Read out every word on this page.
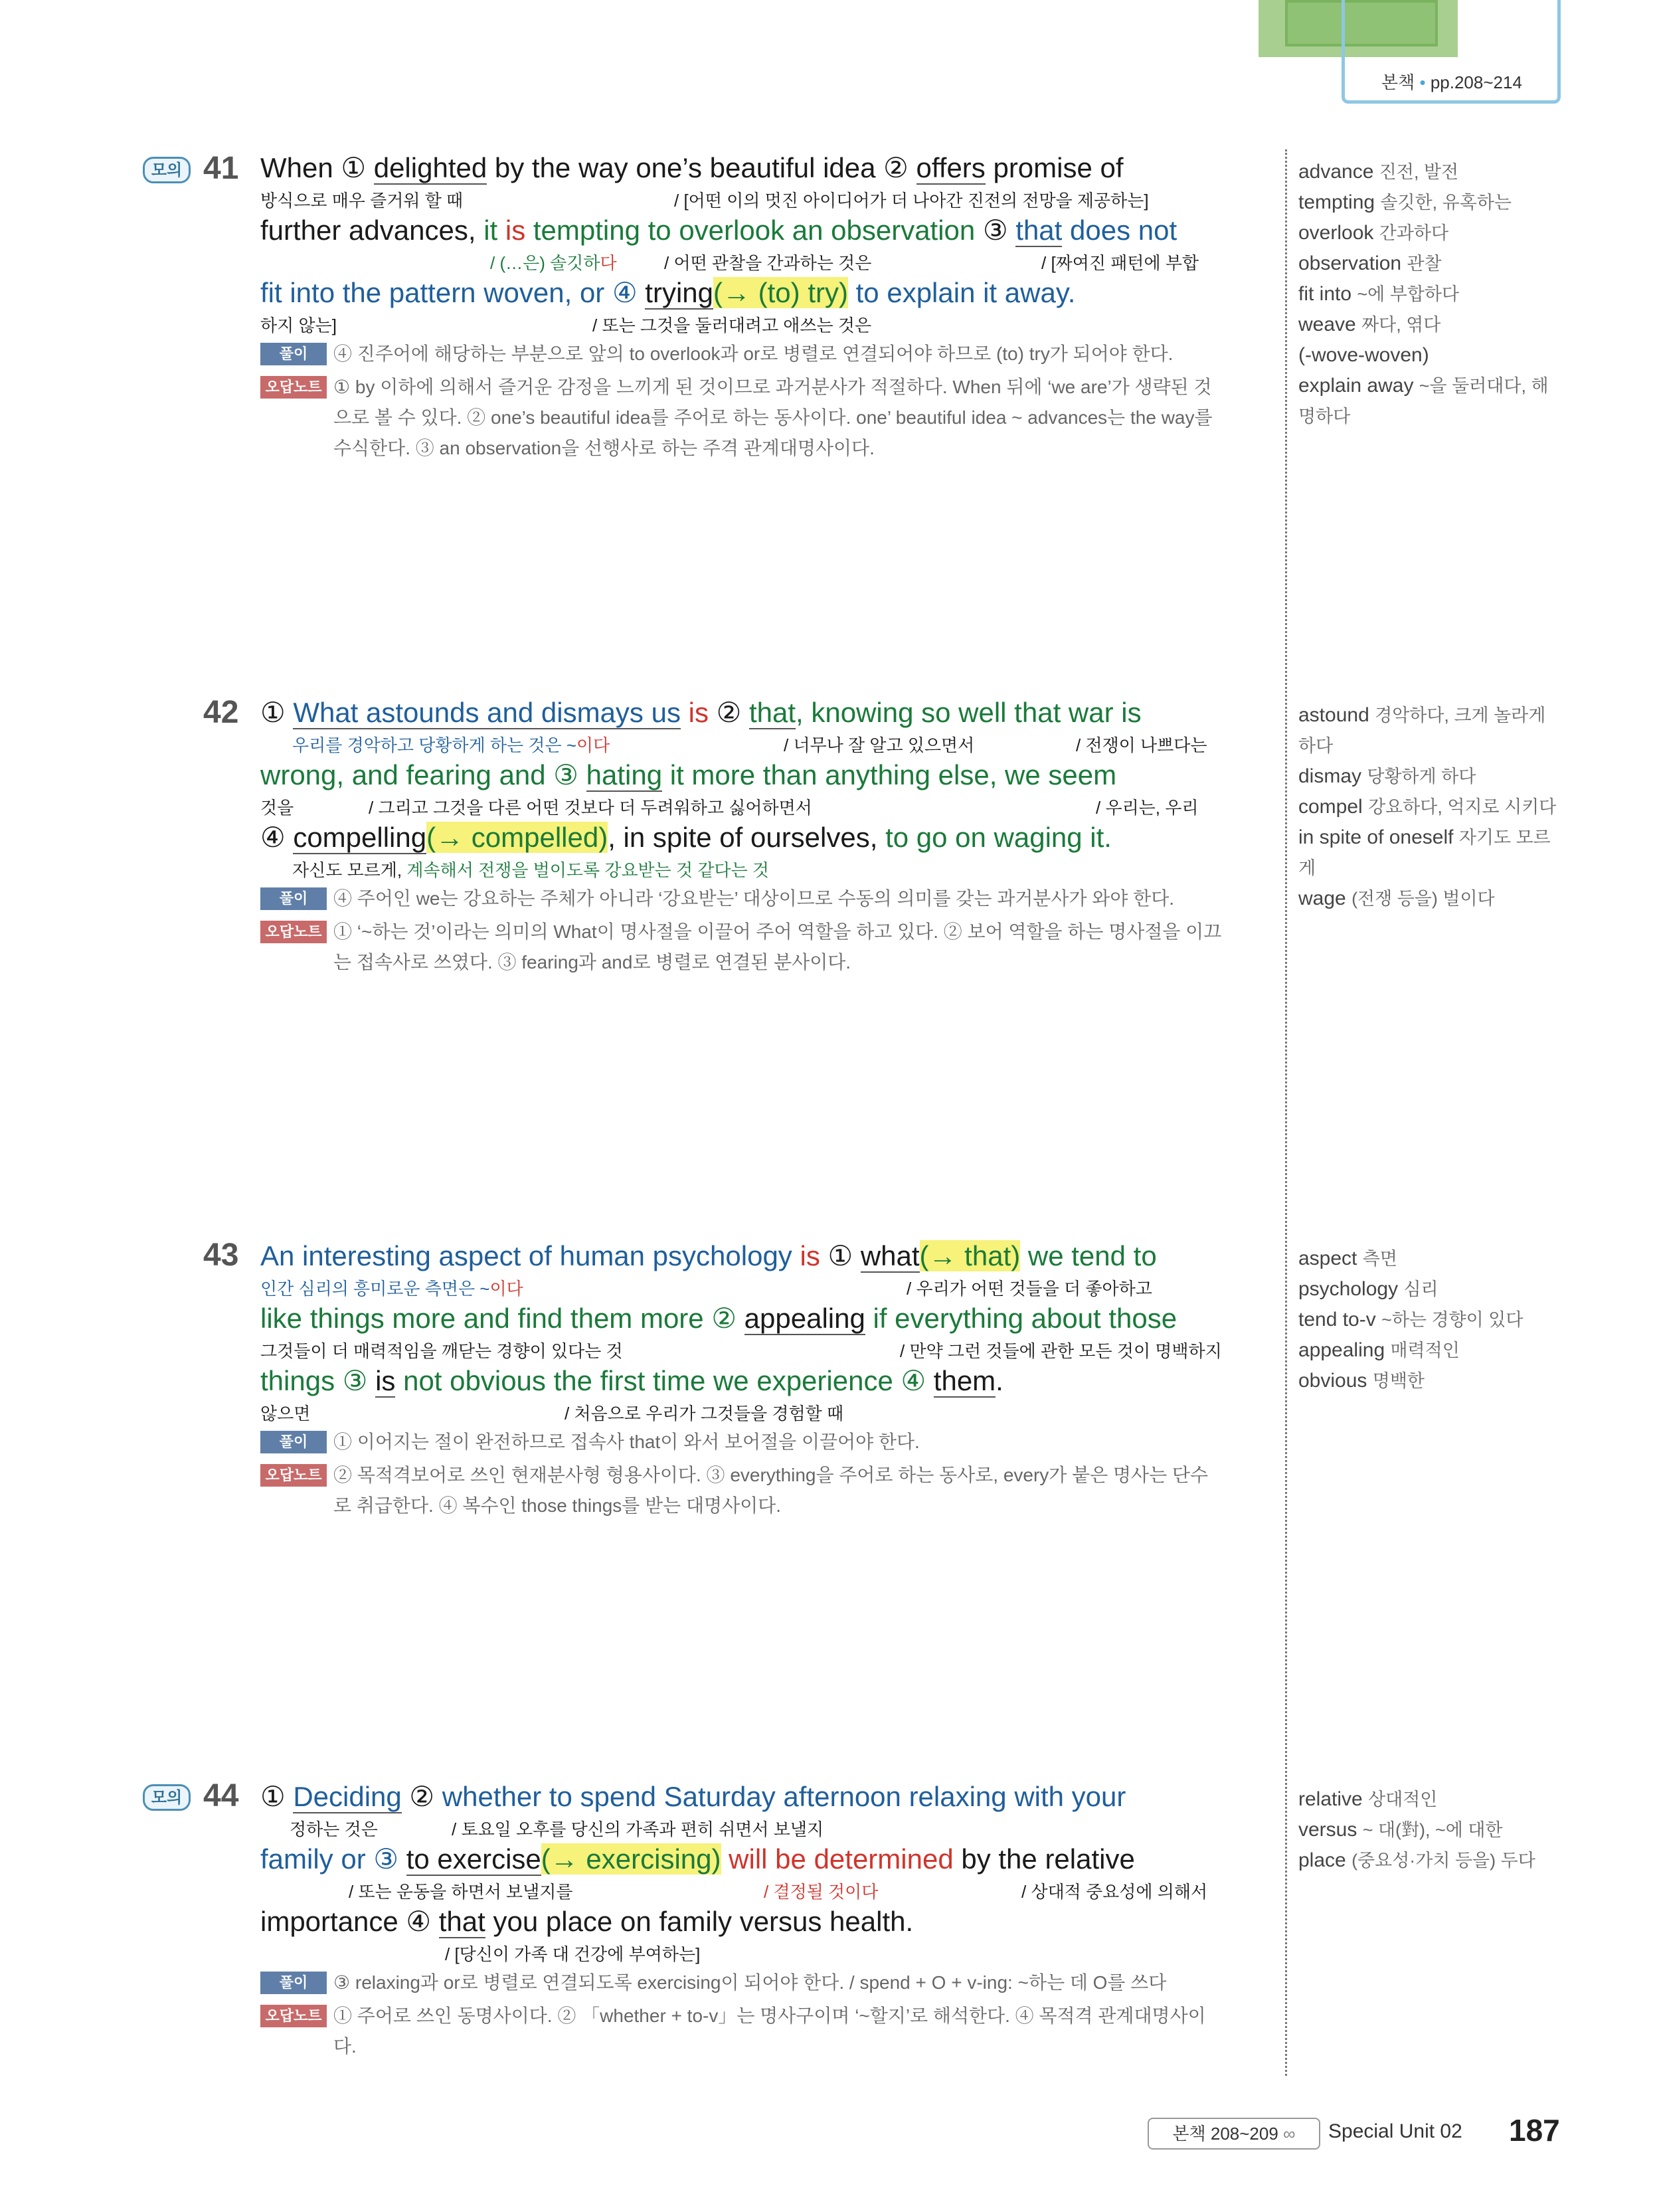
본책 • pp.208~214
모의 41 When ① delighted by the way one’s beautiful idea ② offers promise of
방식으로 매우 즐거워 할 때	/ [어떤 이의 멋진 아이디어가 더 나아간 진전의 전망을 제공하는]
further advances, it is tempting to overlook an observation ③ that does not
/ (…은) 솔깃하다	/ 어떤 관찰을 간과하는 것은	/ [짜여진 패턴에 부합
fit into the pattern woven, or ④ trying(→ (to) try) to explain it away.
하지 않는]	/ 또는 그것을 둘러대려고 애쓰는 것은
풀이	④ 진주어에 해당하는 부분으로 앞의 to overlook과 or로 병렬로 연결되어야 하므로 (to) try가 되어야 한다.
오답노트 ① by 이하에 의해서 즐거운 감정을 느끼게 된 것이므로 과거분사가 적절하다. When 뒤에 ‘we are’가 생략된 것으로 볼 수 있다. ② one’s beautiful idea를 주어로 하는 동사이다. one’ beautiful idea ~ advances는 the way를 수식한다. ③ an observation을 선행사로 하는 주격 관계대명사이다.
advance 진전, 발전
tempting 솔깃한, 유혹하는
overlook 간과하다
observation 관찰
fit into ~에 부합하다
weave 짜다, 엮다
(-wove-woven)
explain away ~을 둘러대다, 해명하다
42 ① What astounds and dismays us is ② that, knowing so well that war is
우리를 경악하고 당황하게 하는 것은 ~이다	/ 너무나 잘 알고 있으면서	/ 전쟁이 나쁘다는
wrong, and fearing and ③ hating it more than anything else, we seem
것을	/ 그리고 그것을 다른 어떤 것보다 더 두려워하고 싫어하면서	/ 우리는, 우리
④ compelling(→ compelled), in spite of ourselves, to go on waging it.
자신도 모르게, 계속해서 전쟁을 벌이도록 강요받는 것 같다는 것
풀이	④ 주어인 we는 강요하는 주체가 아니라 ‘강요받는’ 대상이므로 수동의 의미를 갖는 과거분사가 와야 한다.
오답노트 ① ‘~하는 것’이라는 의미의 What이 명사절을 이끌어 주어 역할을 하고 있다. ② 보어 역할을 하는 명사절을 이끄는 접속사로 쓰였다. ③ fearing과 and로 병렬로 연결된 분사이다.
astound 경악하다, 크게 놀라게 하다
dismay 당황하게 하다
compel 강요하다, 억지로 시키다
in spite of oneself 자기도 모르게
wage (전쟁 등을) 벌이다
43 An interesting aspect of human psychology is ① what(→ that) we tend to
인간 심리의 흥미로운 측면은 ~이다	/ 우리가 어떤 것들을 더 좋아하고
like things more and find them more ② appealing if everything about those
그것들이 더 매력적임을 깨닫는 경향이 있다는 것	/ 만약 그런 것들에 관한 모든 것이 명백하지
things ③ is not obvious the first time we experience ④ them.
않으면	/ 처음으로 우리가 그것들을 경험할 때
풀이	① 이어지는 절이 완전하므로 접속사 that이 와서 보어절을 이끌어야 한다.
오답노트 ② 목적격보어로 쓰인 현재분사형 형용사이다. ③ everything을 주어로 하는 동사로, every가 붙은 명사는 단수로 취급한다. ④ 복수인 those things를 받는 대명사이다.
aspect 측면
psychology 심리
tend to-v ~하는 경향이 있다
appealing 매력적인
obvious 명백한
모의 44 ① Deciding ② whether to spend Saturday afternoon relaxing with your
정하는 것은	/ 토요일 오후를 당신의 가족과 편히 쉬면서 보낼지
family or ③ to exercise(→ exercising) will be determined by the relative
/ 또는 운동을 하면서 보낼지를	/ 결정될 것이다	/ 상대적 중요성에 의해서
importance ④ that you place on family versus health.
/ [당신이 가족 대 건강에 부여하는]
풀이	③ relaxing과 or로 병렬로 연결되도록 exercising이 되어야 한다. / spend + O + v-ing: ~하는 데 O를 쓰다
오답노트 ① 주어로 쓰인 동명사이다. ② 「whether + to-v」는 명사구이며 ‘~할지’로 해석한다. ④ 목적격 관계대명사이다.
relative 상대적인
versus ~ 대(對), ~에 대한
place (중요성·가치 등을) 두다
본책 208~209 ∞	Special Unit 02 187
